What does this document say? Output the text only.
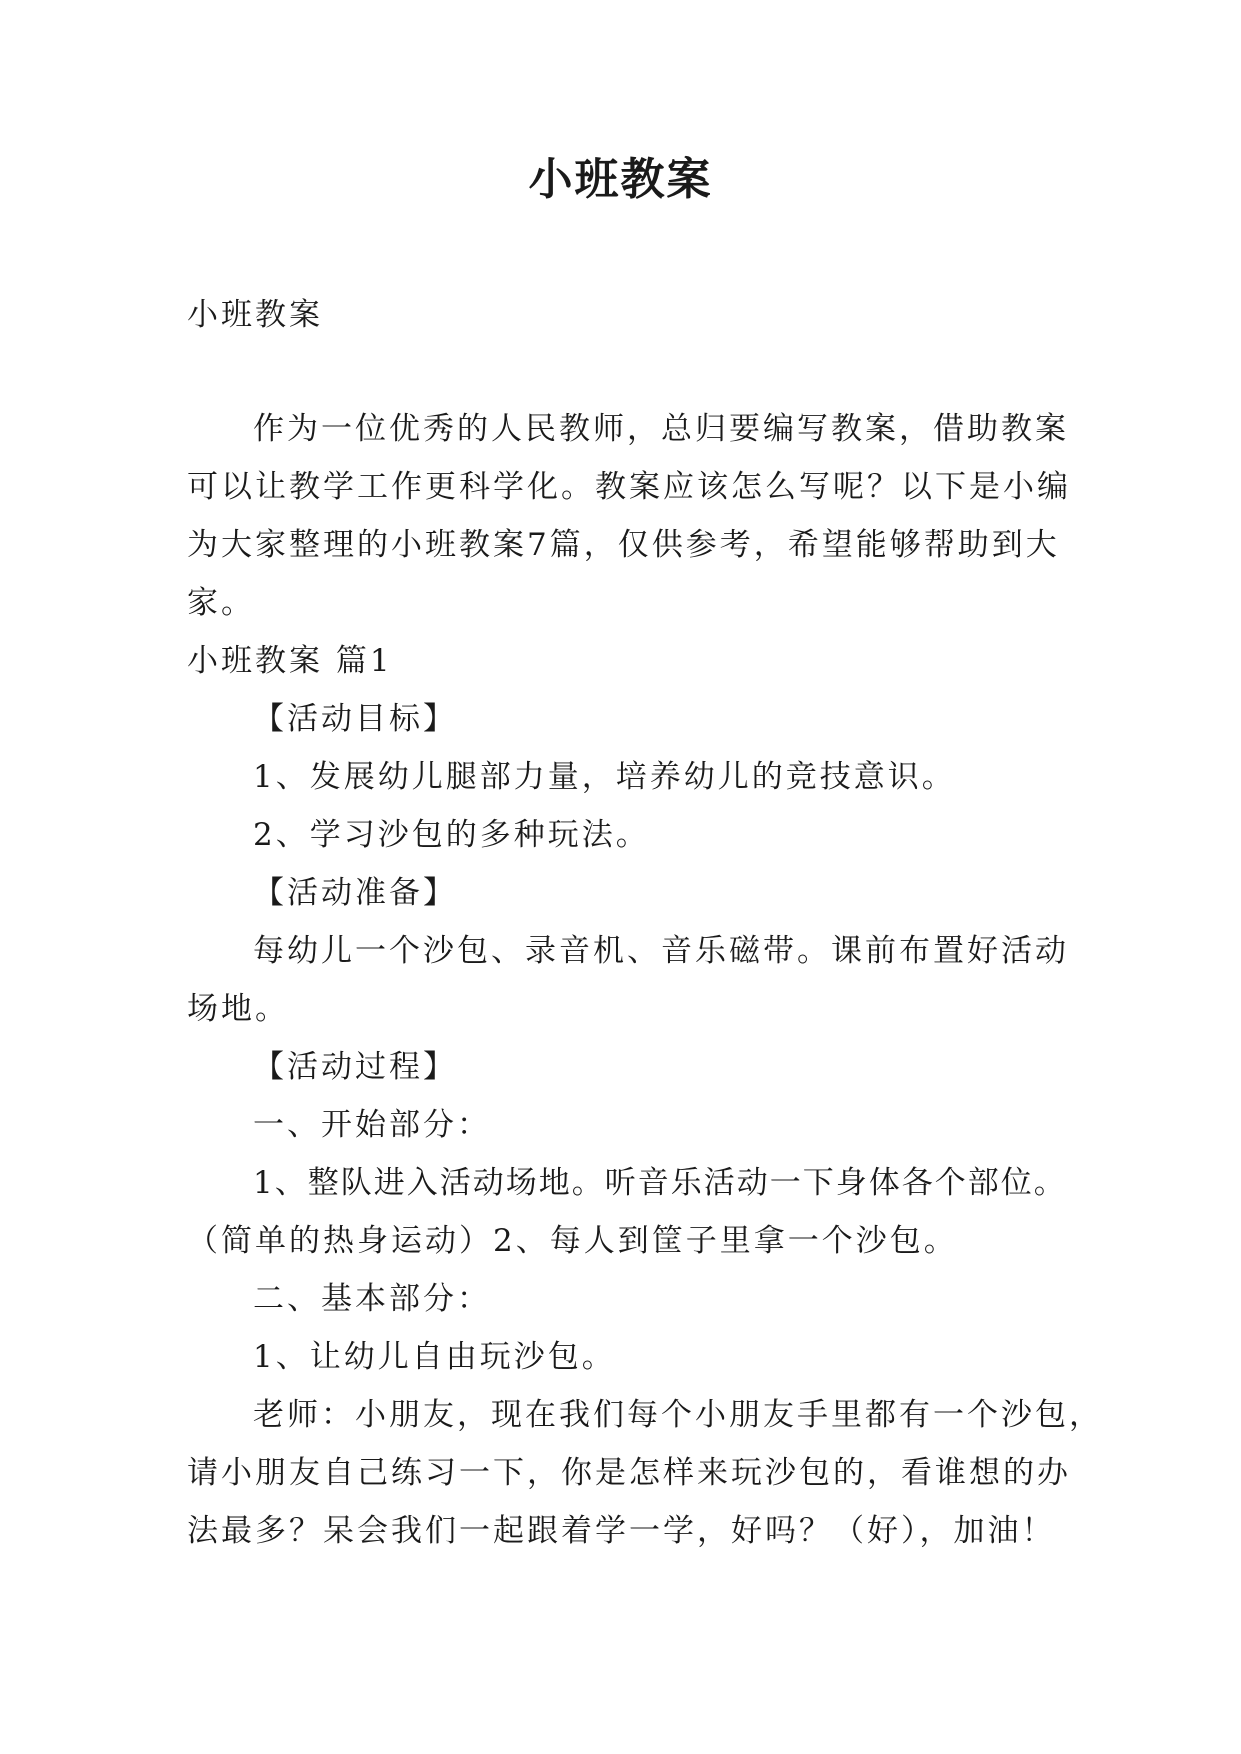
小班教案
小班教案
作为一位优秀的人民教师，总归要编写教案，借助教案
可以让教学工作更科学化。教案应该怎么写呢？以下是小编
为大家整理的小班教案7篇，仅供参考，希望能够帮助到大
家。
小班教案 篇1
【活动目标】
1、发展幼儿腿部力量，培养幼儿的竞技意识。
2、学习沙包的多种玩法。
【活动准备】
每幼儿一个沙包、录音机、音乐磁带。课前布置好活动
场地。
【活动过程】
一、开始部分：
1、整队进入活动场地。听音乐活动一下身体各个部位。
（简单的热身运动）2、每人到筐子里拿一个沙包。
二、基本部分：
1、让幼儿自由玩沙包。
老师：小朋友，现在我们每个小朋友手里都有一个沙包，
请小朋友自己练习一下，你是怎样来玩沙包的，看谁想的办
法最多？呆会我们一起跟着学一学，好吗？（好），加油！
